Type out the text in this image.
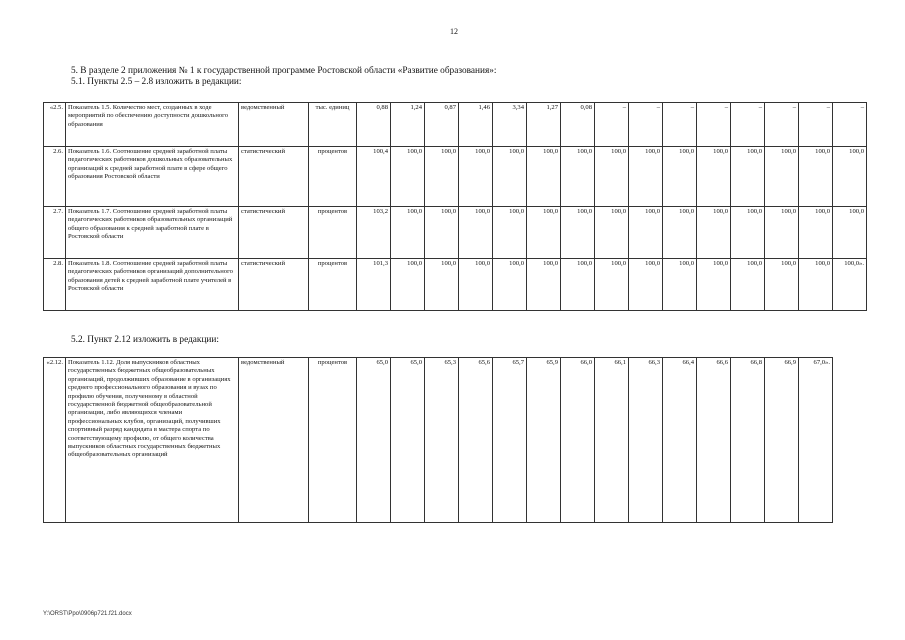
12
5. В разделе 2 приложения № 1 к государственной программе Ростовской области «Развитие образования»:
5.1. Пункты 2.5 – 2.8 изложить в редакции:
«2.5.	Показатель 1.5. Количество мест, созданных в ходе мероприятий по обеспечению доступности дошкольного образования	ведомственный	тыс. единиц	0,88	1,24	0,87	1,46	3,34	1,27	0,08	–	–	–	–	–	–	–	–
2.6.	Показатель 1.6. Соотношение средней заработной платы педагогических работников дошкольных образовательных организаций к средней заработной плате в сфере общего образования Ростовской области	статистический	процентов	100,4	100,0	100,0	100,0	100,0	100,0	100,0	100,0	100,0	100,0	100,0	100,0	100,0	100,0	100,0
2.7.	Показатель 1.7. Соотношение средней заработной платы педагогических работников образовательных организаций общего образования к средней заработной плате в Ростовской области	статистический	процентов	103,2	100,0	100,0	100,0	100,0	100,0	100,0	100,0	100,0	100,0	100,0	100,0	100,0	100,0	100,0
2.8.	Показатель 1.8. Соотношение средней заработной платы педагогических работников организаций дополнительного образования детей к средней заработной плате учителей в Ростовской области	статистический	процентов	101,3	100,0	100,0	100,0	100,0	100,0	100,0	100,0	100,0	100,0	100,0	100,0	100,0	100,0	100,0».
5.2. Пункт 2.12 изложить в редакции:
«2.12.	Показатель 1.12. Доля выпускников областных государственных бюджетных общеобразовательных организаций, продолживших образование в организациях среднего профессионального образования и вузах по профилю обучения, полученному в областной государственной бюджетной общеобразовательной организации, либо являющихся членами профессиональных клубов, организаций, получивших спортивный разряд кандидата в мастера спорта по соответствующему профилю, от общего количества выпускников областных государственных бюджетных общеобразовательных организаций	ведомственный	процентов	65,0	65,0	65,3	65,6	65,7	65,9	66,0	66,1	66,3	66,4	66,6	66,8	66,9	67,0».
Y:\ORST\Ppo\0906p721.f21.docx
